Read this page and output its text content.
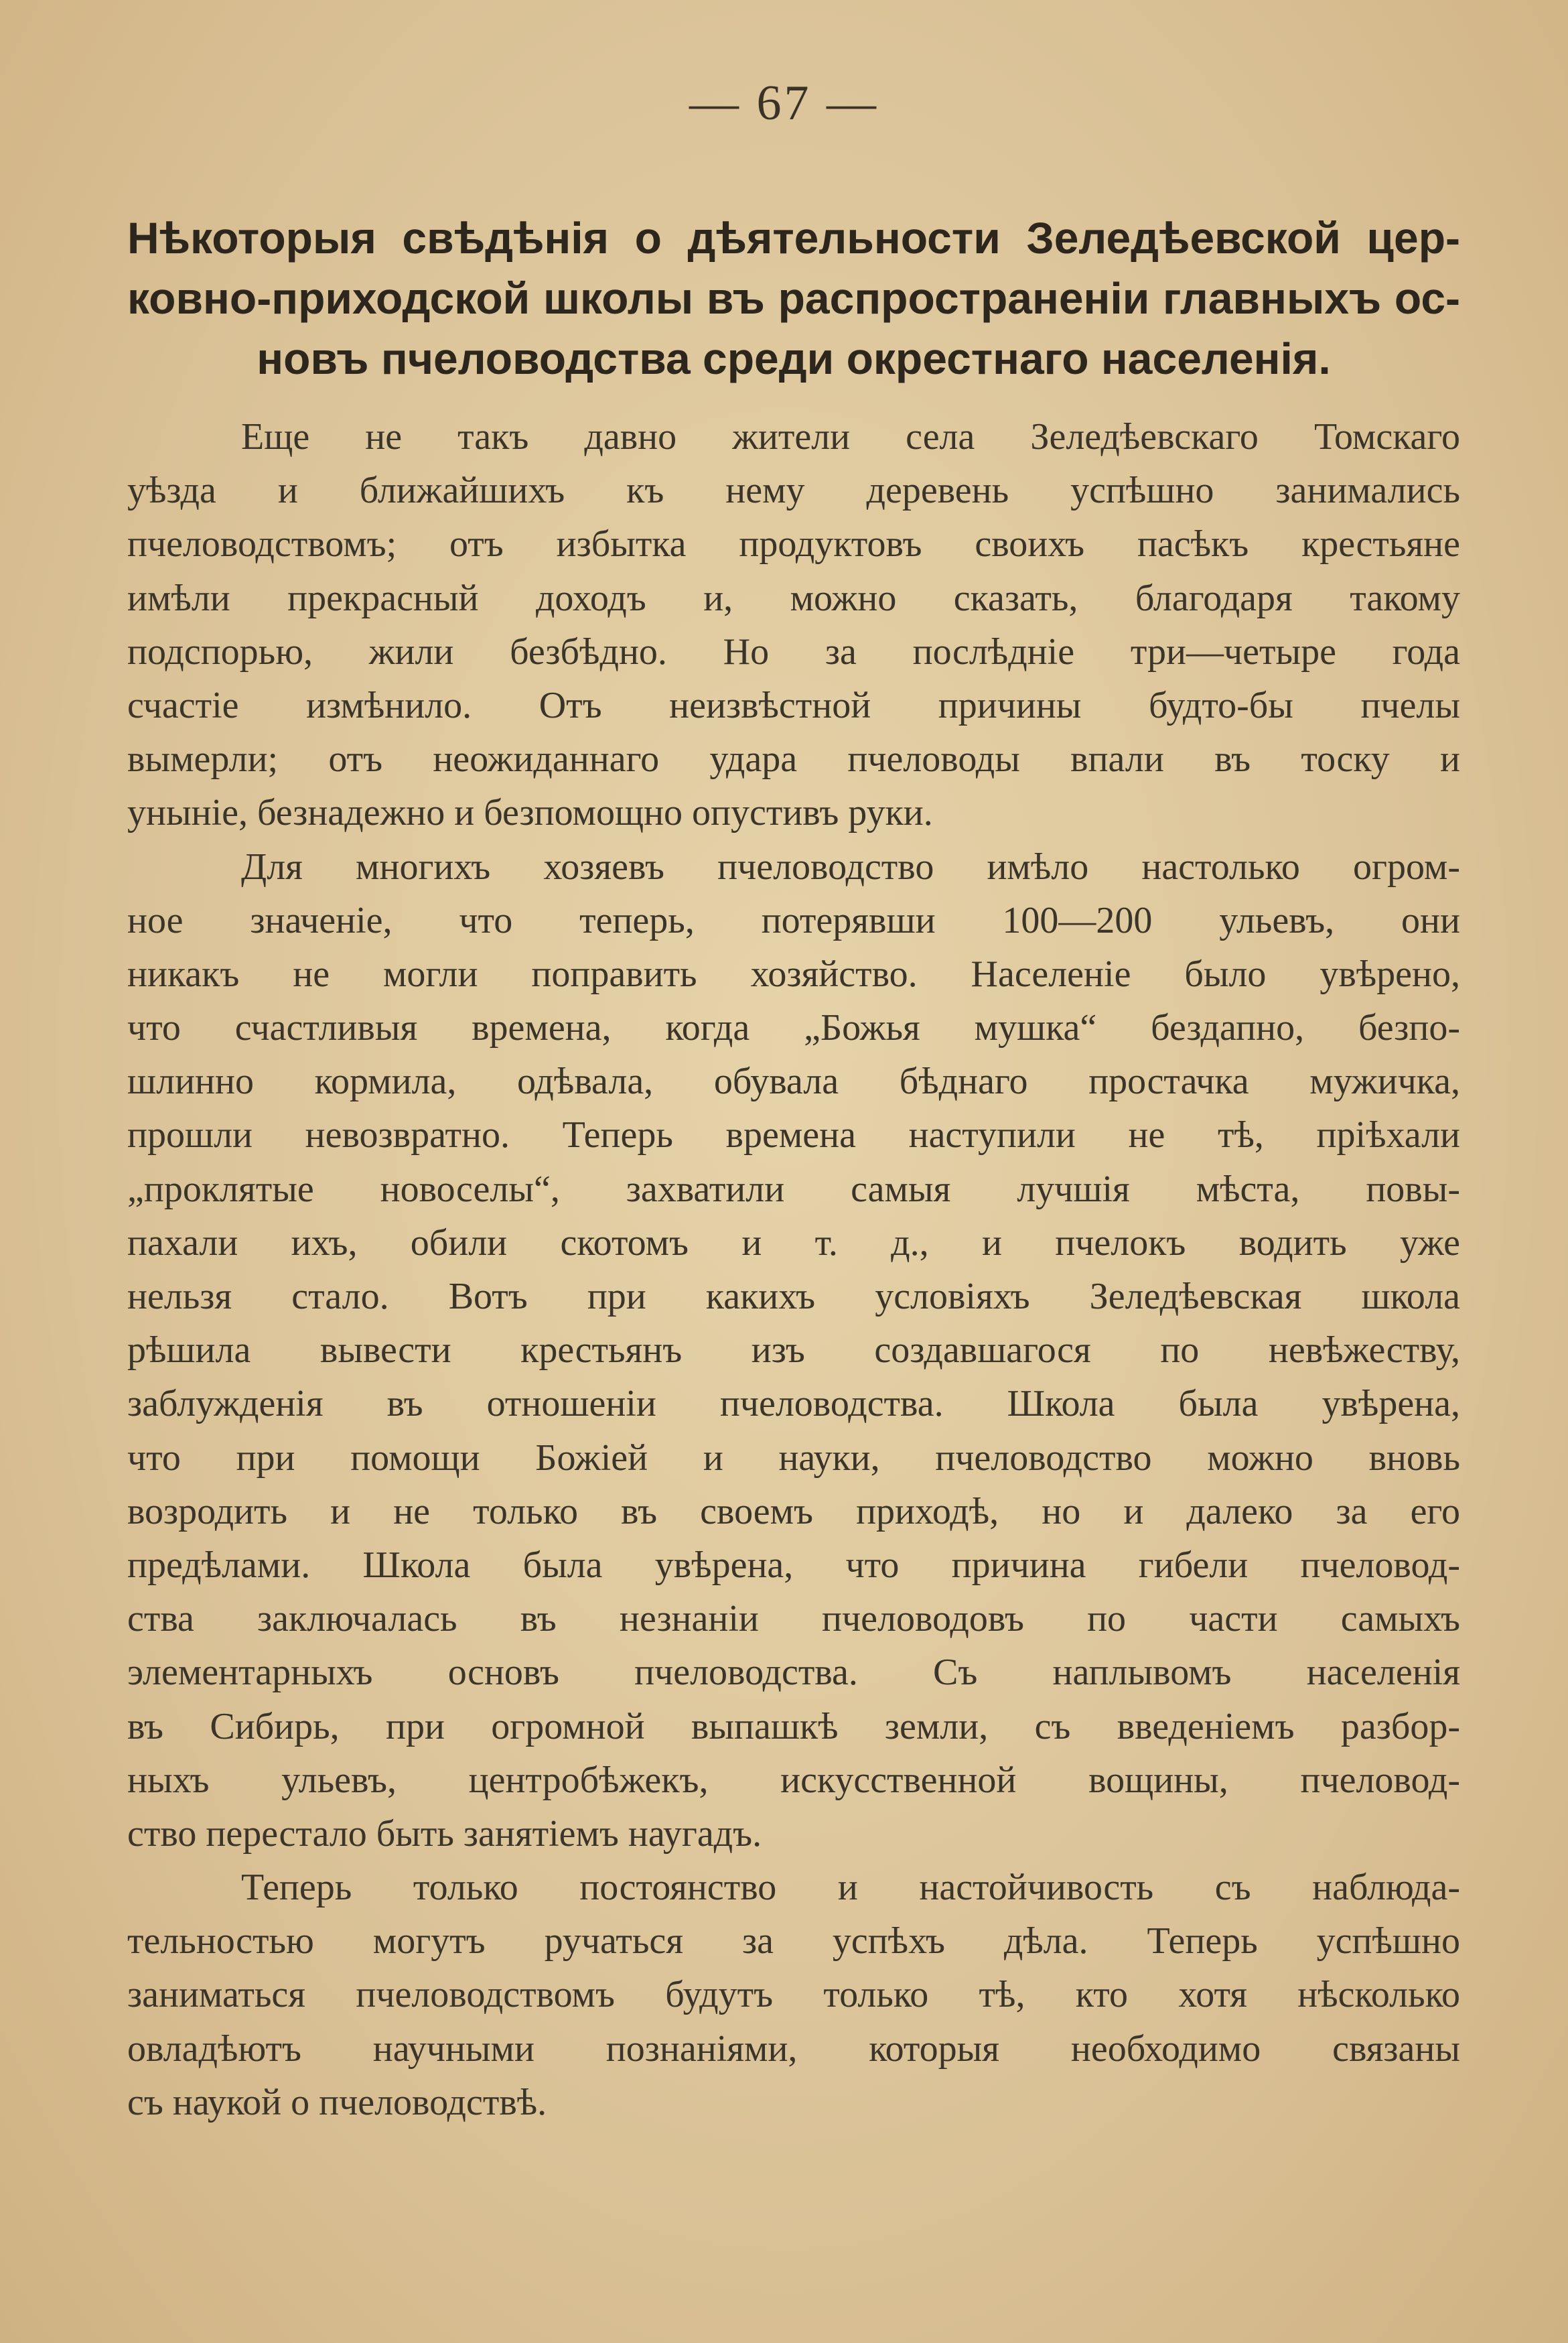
— 67 —
Нѣкоторыя свѣдѣнія о дѣятельности Зеледѣевской цер-
ковно-приходской школы въ распространеніи главныхъ ос-
новъ пчеловодства среди окрестнаго населенія.
Еще не такъ давно жители села Зеледѣевскаго Томскаго
уѣзда и ближайшихъ къ нему деревень успѣшно занимались
пчеловодствомъ; отъ избытка продуктовъ своихъ пасѣкъ крестьяне
имѣли прекрасный доходъ и, можно сказать, благодаря такому
подспорью, жили безбѣдно. Но за послѣдніе три—четыре года
счастіе измѣнило. Отъ неизвѣстной причины будто-бы пчелы
вымерли; отъ неожиданнаго удара пчеловоды впали въ тоску и
уныніе, безнадежно и безпомощно опустивъ руки.
Для многихъ хозяевъ пчеловодство имѣло настолько огром-
ное значеніе, что теперь, потерявши 100—200 ульевъ, они
никакъ не могли поправить хозяйство. Населеніе было увѣрено,
что счастливыя времена, когда „Божья мушка“ бездапно, безпо-
шлинно кормила, одѣвала, обувала бѣднаго простачка мужичка,
прошли невозвратно. Теперь времена наступили не тѣ, пріѣхали
„проклятые новоселы“, захватили самыя лучшія мѣста, повы-
пахали ихъ, обили скотомъ и т. д., и пчелокъ водить уже
нельзя стало. Вотъ при какихъ условіяхъ Зеледѣевская школа
рѣшила вывести крестьянъ изъ создавшагося по невѣжеству,
заблужденія въ отношеніи пчеловодства. Школа была увѣрена,
что при помощи Божіей и науки, пчеловодство можно вновь
возродить и не только въ своемъ приходѣ, но и далеко за его
предѣлами. Школа была увѣрена, что причина гибели пчеловод-
ства заключалась въ незнаніи пчеловодовъ по части самыхъ
элементарныхъ основъ пчеловодства. Съ наплывомъ населенія
въ Сибирь, при огромной выпашкѣ земли, съ введеніемъ разбор-
ныхъ ульевъ, центробѣжекъ, искусственной вощины, пчеловод-
ство перестало быть занятіемъ наугадъ.
Теперь только постоянство и настойчивость съ наблюда-
тельностью могутъ ручаться за успѣхъ дѣла. Теперь успѣшно
заниматься пчеловодствомъ будутъ только тѣ, кто хотя нѣсколько
овладѣютъ научными познаніями, которыя необходимо связаны
съ наукой о пчеловодствѣ.
